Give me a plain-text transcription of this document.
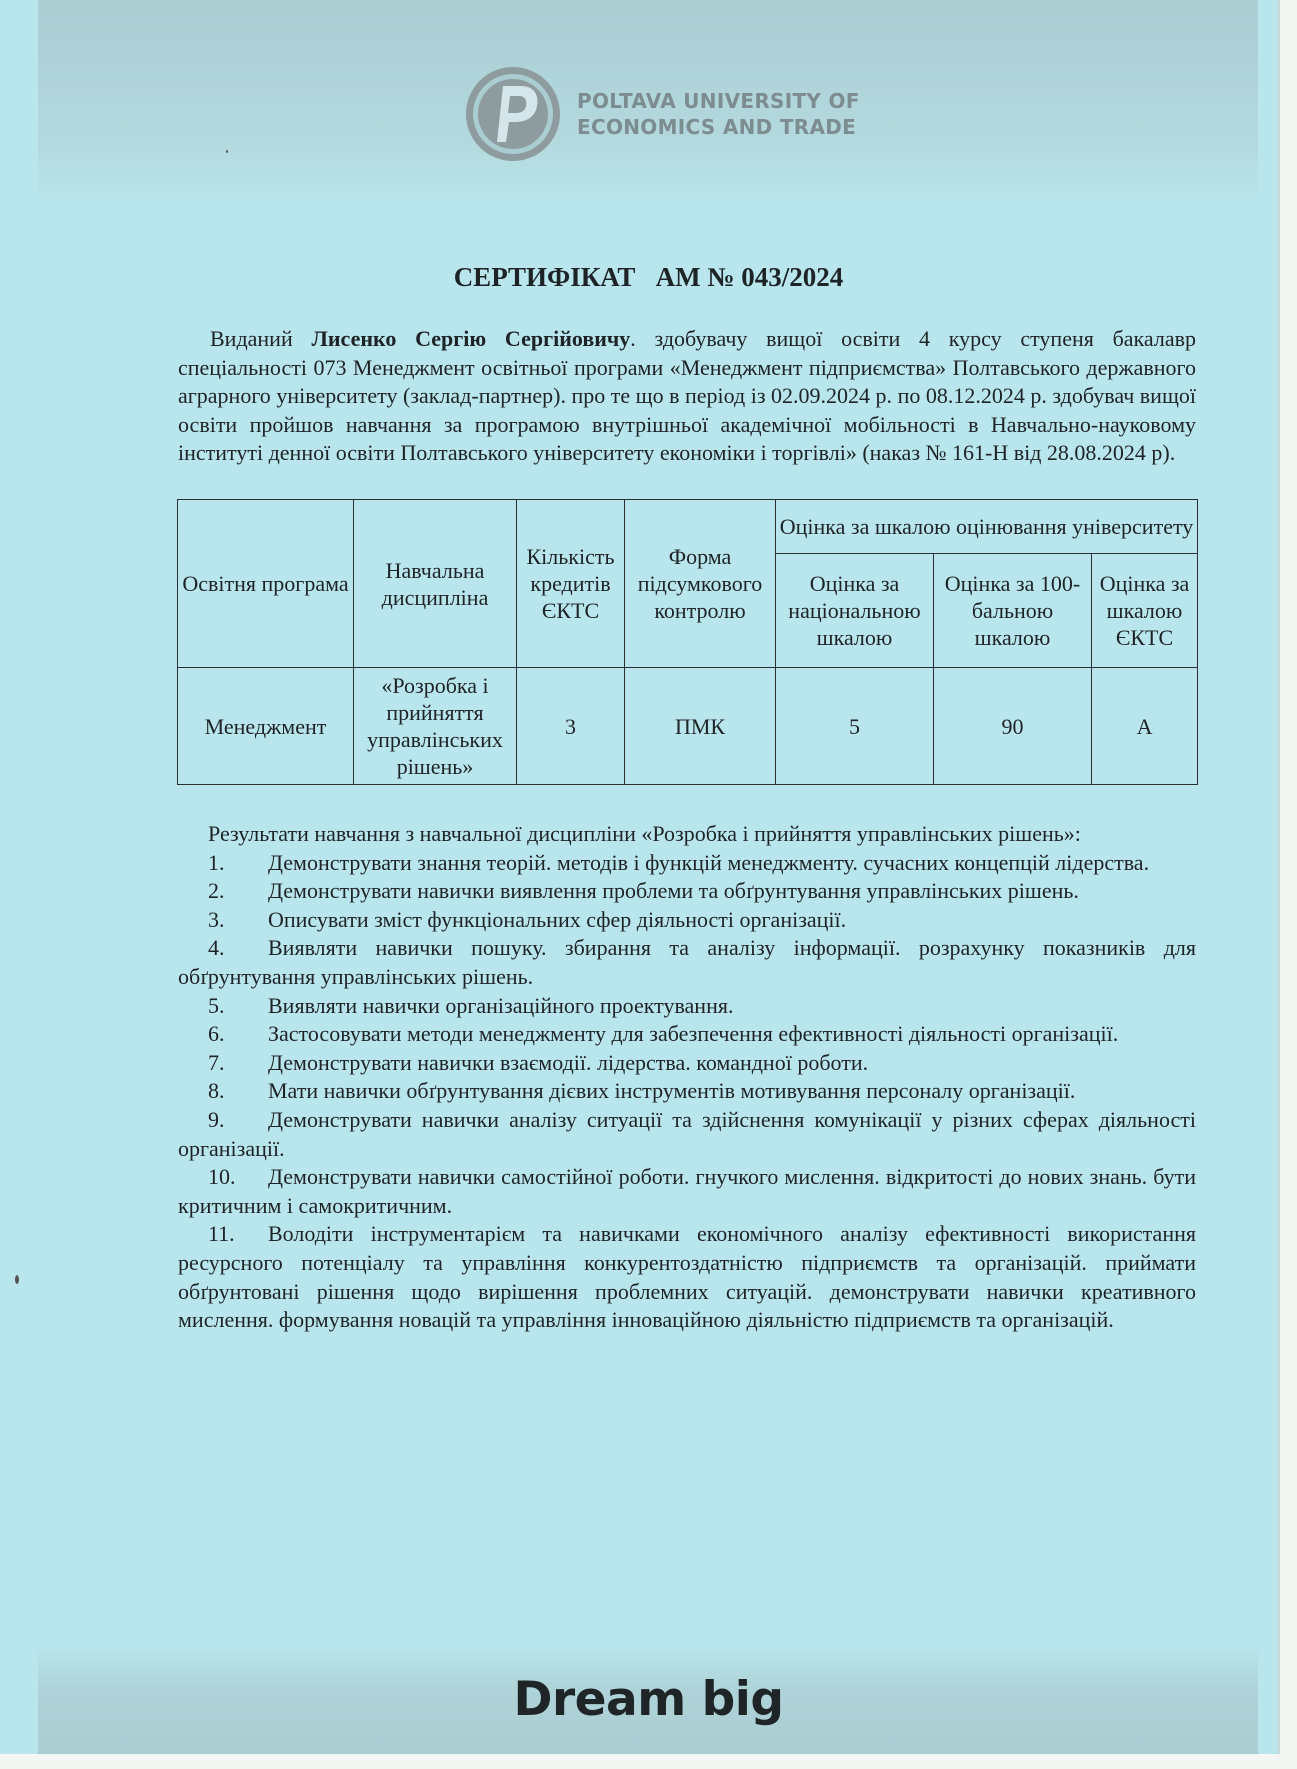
POLTAVA UNIVERSITY OF
ECONOMICS AND TRADE
СЕРТИФІКАТ   АМ № 043/2024
Виданий Лисенко Сергію Сергійовичу. здобувачу вищої освіти 4 курсу ступеня бакалавр спеціальності 073 Менеджмент освітньої програми «Менеджмент підприємства» Полтавського державного аграрного університету (заклад-партнер). про те що в період із 02.09.2024 р. по 08.12.2024 р. здобувач вищої освіти пройшов навчання за програмою внутрішньої академічної мобільності в Навчально-науковому інституті денної освіти Полтавського університету економіки і торгівлі» (наказ № 161-Н від 28.08.2024 р).
Освітня програма	Навчальна дисципліна	Кількість кредитів ЄКТС	Форма підсумкового контролю	Оцінка за шкалою оцінювання університету		
				Оцінка за національною шкалою	Оцінка за 100-бальною шкалою	Оцінка за шкалою ЄКТС
Менеджмент	«Розробка і прийняття управлінських рішень»	3	ПМК	5	90	А
Результати навчання з навчальної дисципліни «Розробка і прийняття управлінських рішень»:
1. Демонструвати знання теорій. методів і функцій менеджменту. сучасних концепцій лідерства.
2. Демонструвати навички виявлення проблеми та обґрунтування управлінських рішень.
3. Описувати зміст функціональних сфер діяльності організації.
4. Виявляти навички пошуку. збирання та аналізу інформації. розрахунку показників для обґрунтування управлінських рішень.
5. Виявляти навички організаційного проектування.
6. Застосовувати методи менеджменту для забезпечення ефективності діяльності організації.
7. Демонструвати навички взаємодії. лідерства. командної роботи.
8. Мати навички обґрунтування дієвих інструментів мотивування персоналу організації.
9. Демонструвати навички аналізу ситуації та здійснення комунікації у різних сферах діяльності організації.
10. Демонструвати навички самостійної роботи. гнучкого мислення. відкритості до нових знань. бути критичним і самокритичним.
11. Володіти інструментарієм та навичками економічного аналізу ефективності використання ресурсного потенціалу та управління конкурентоздатністю підприємств та організацій. приймати обґрунтовані рішення щодо вирішення проблемних ситуацій. демонструвати навички креативного мислення. формування новацій та управління інноваційною діяльністю підприємств та організацій.
Dream big
